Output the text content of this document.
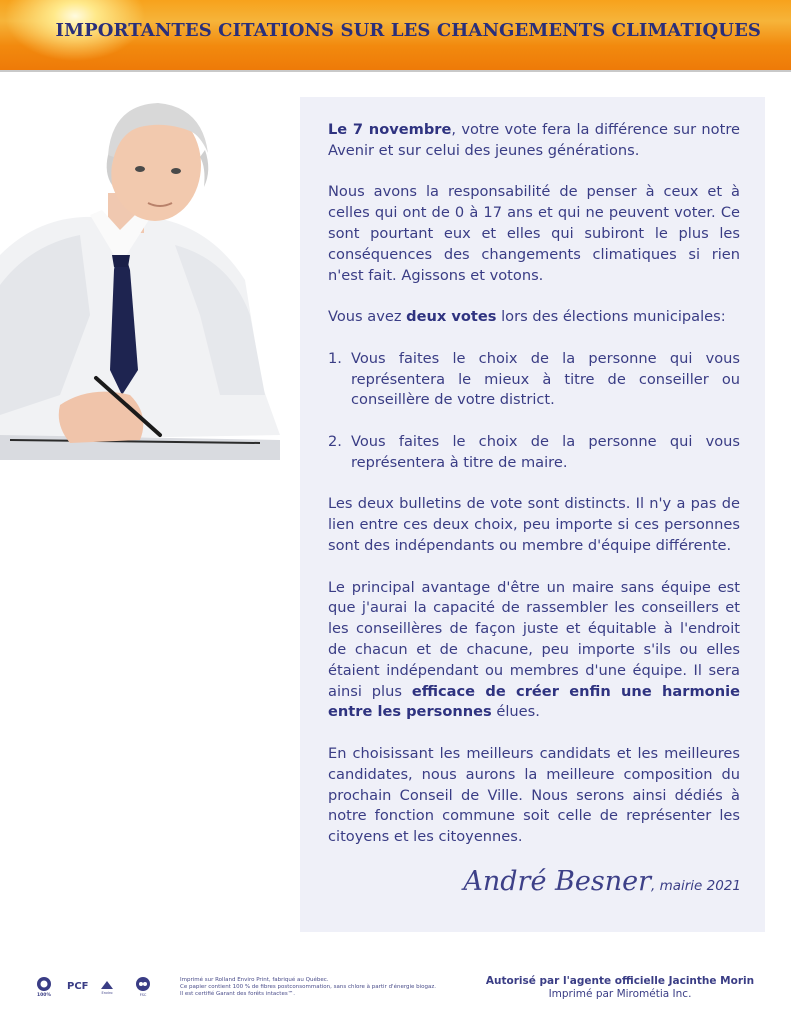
IMPORTANTES CITATIONS SUR LES CHANGEMENTS CLIMATIQUES

Le 7 novembre, votre vote fera la différence sur notre Avenir et sur celui des jeunes générations.

Nous avons la responsabilité de penser à ceux et à celles qui ont de 0 à 17 ans et qui ne peuvent voter. Ce sont pourtant eux et elles qui subiront le plus les conséquences des changements climatiques si rien n'est fait. Agissons et votons.

Vous avez deux votes lors des élections municipales:

1. Vous faites le choix de la personne qui vous représentera le mieux à titre de conseiller ou conseillère de votre district.
2. Vous faites le choix de la personne qui vous représentera à titre de maire.

Les deux bulletins de vote sont distincts. Il n'y a pas de lien entre ces deux choix, peu importe si ces personnes sont des indépendants ou membre d'équipe différente.

Le principal avantage d'être un maire sans équipe est que j'aurai la capacité de rassembler les conseillers et les conseillères de façon juste et équitable à l'endroit de chacun et de chacune, peu importe s'ils ou elles étaient indépendant ou membres d'une équipe. Il sera ainsi plus efficace de créer enfin une harmonie entre les personnes élues.

En choisissant les meilleurs candidats et les meilleures candidates, nous aurons la meilleure composition du prochain Conseil de Ville. Nous serons ainsi dédiés à notre fonction commune soit celle de représenter les citoyens et les citoyennes.

André Besner, mairie 2021
100%
PCF
Enviro	FSC
Imprimé sur Rolland Enviro Print, fabriqué au Québec.
Ce papier contient 100 % de fibres postconsommation, sans chlore à partir d'énergie biogaz.
Il est certifié Garant des forêts intactes™.
Autorisé par l'agente officielle Jacinthe Morin
Imprimé par Mirométia Inc.
